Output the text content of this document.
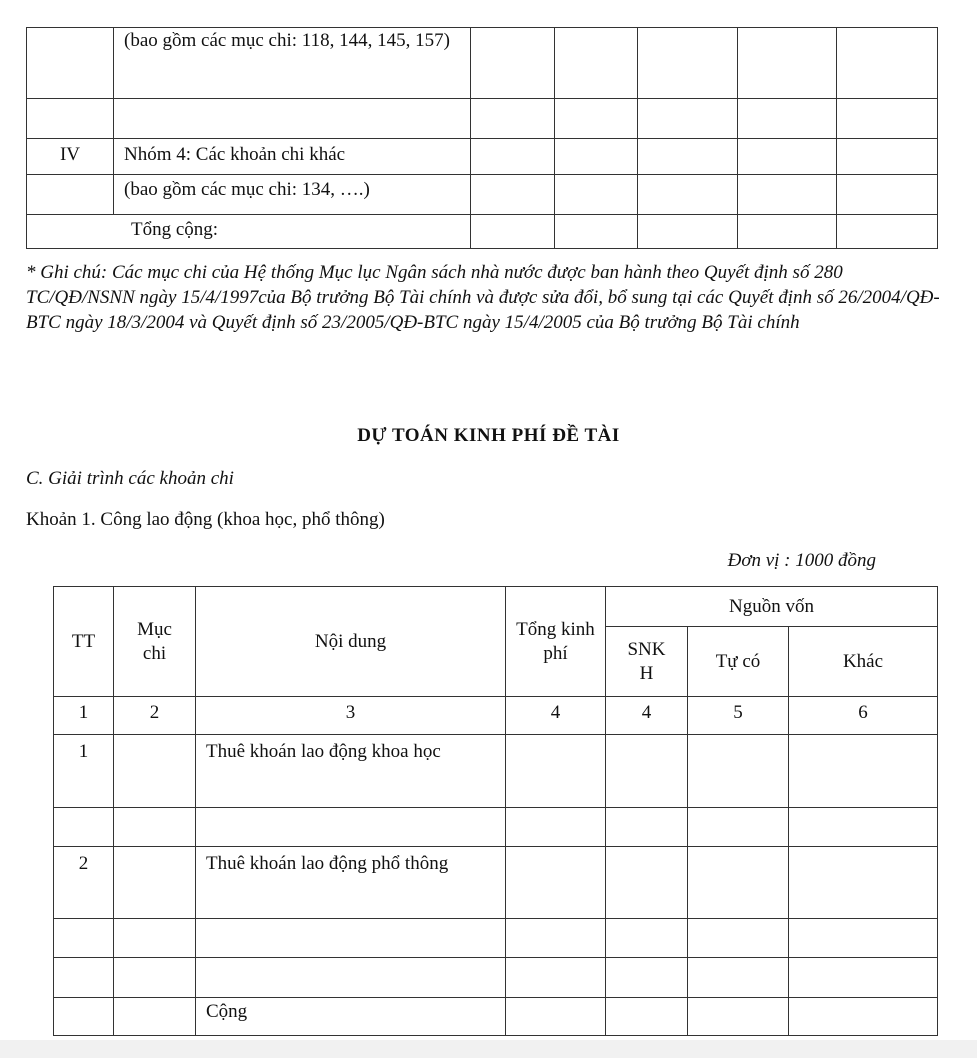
	(bao gồm các mục chi: 118, 144, 145, 157)					

IV	Nhóm 4: Các khoản chi khác					
	(bao gồm các mục chi: 134, ….)					
Tổng cộng:						
* Ghi chú: Các mục chi của Hệ thống Mục lục Ngân sách nhà nước được ban hành theo Quyết định số 280 TC/QĐ/NSNN ngày 15/4/1997của Bộ trưởng Bộ Tài chính và được sửa đổi, bổ sung tại các Quyết định số 26/2004/QĐ-BTC ngày 18/3/2004 và Quyết định số 23/2005/QĐ-BTC ngày 15/4/2005 của Bộ trưởng Bộ Tài chính
DỰ TOÁN KINH PHÍ ĐỀ TÀI
C. Giải trình các khoản chi
Khoản 1. Công lao động (khoa học, phổ thông)
Đơn vị : 1000 đồng
TT	Mục chi	Nội dung	Tổng kinh phí	Nguồn vốn		
				SNK H	Tự có	Khác
1	2	3	4	4	5	6
1		Thuê khoán lao động khoa học				

2		Thuê khoán lao động phổ thông				

		Cộng				
